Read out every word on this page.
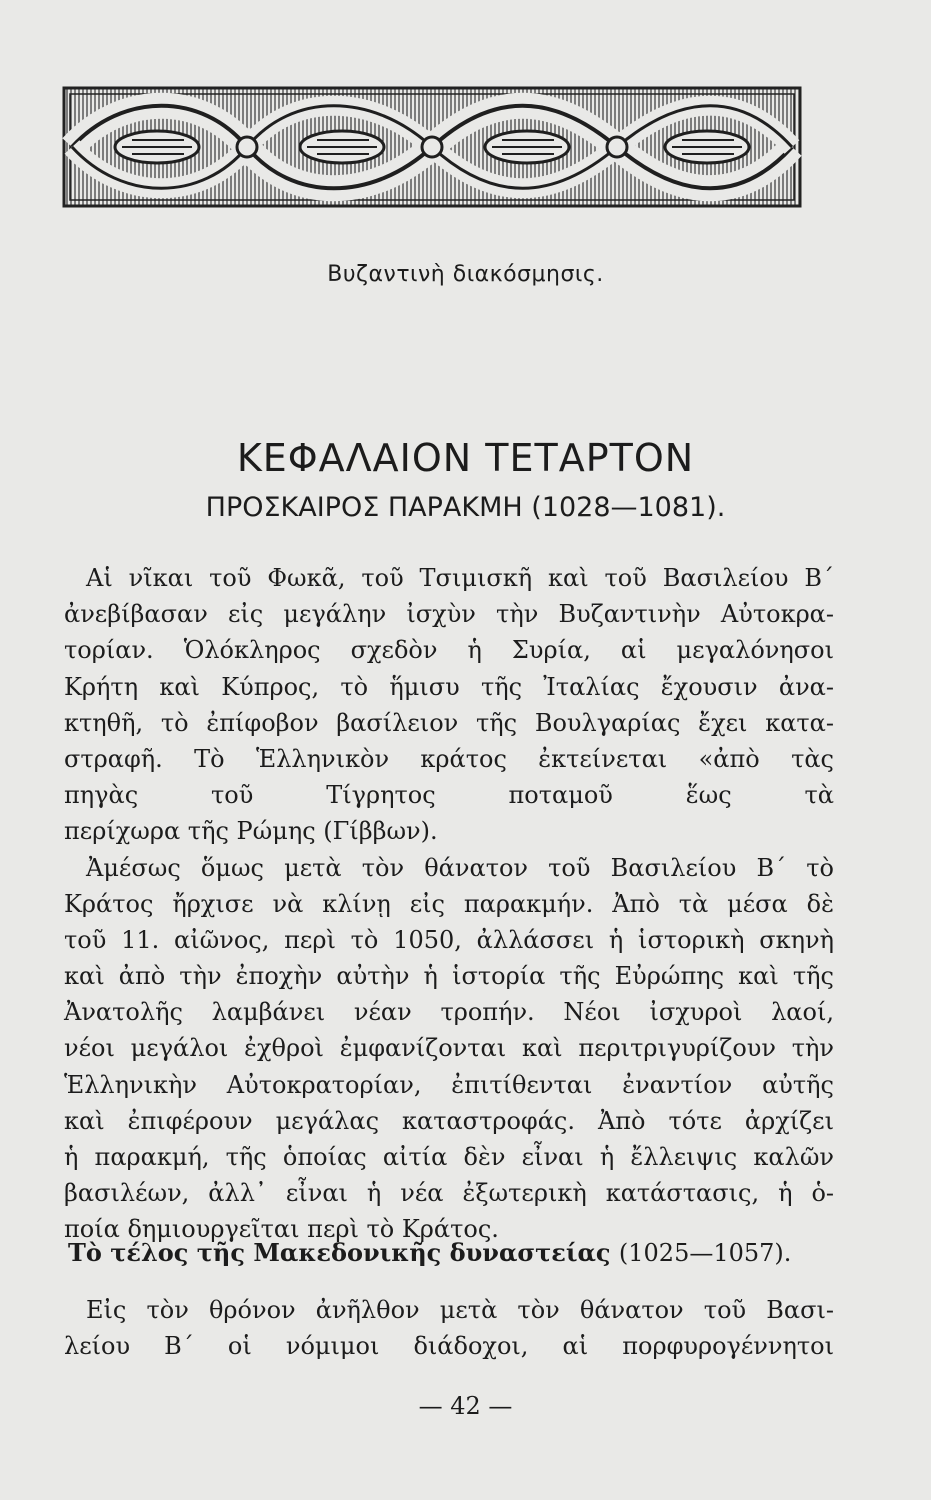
Βυζαντινὴ διακόσμησις.
ΚΕΦΑΛΑΙΟΝ ΤΕΤΑΡΤΟΝ
ΠΡΟΣΚΑΙΡΟΣ ΠΑΡΑΚΜΗ (1028—1081).
Αἱ νῖκαι τοῦ Φωκᾶ, τοῦ Τσιμισκῆ καὶ τοῦ Βασιλείου Β΄
ἀνεβίβασαν εἰς μεγάλην ἰσχὺν τὴν Βυζαντινὴν Αὐτοκρα-
τορίαν. Ὁλόκληρος σχεδὸν ἡ Συρία, αἱ μεγαλόνησοι
Κρήτη καὶ Κύπρος, τὸ ἥμισυ τῆς Ἰταλίας ἔχουσιν ἀνα-
κτηθῆ, τὸ ἐπίφοβον βασίλειον τῆς Βουλγαρίας ἔχει κατα-
στραφῆ. Τὸ Ἑλληνικὸν κράτος ἐκτείνεται «ἀπὸ τὰς
πηγὰς τοῦ Τίγρητος ποταμοῦ ἕως τὰ
περίχωρα τῆς Ρώμης (Γίββων).
Ἀμέσως ὅμως μετὰ τὸν θάνατον τοῦ Βασιλείου Β΄ τὸ
Κράτος ἤρχισε νὰ κλίνῃ εἰς παρακμήν. Ἀπὸ τὰ μέσα δὲ
τοῦ 11. αἰῶνος, περὶ τὸ 1050, ἀλλάσσει ἡ ἱστορικὴ σκηνὴ
καὶ ἀπὸ τὴν ἐποχὴν αὐτὴν ἡ ἱστορία τῆς Εὐρώπης καὶ τῆς
Ἀνατολῆς λαμβάνει νέαν τροπήν. Νέοι ἰσχυροὶ λαοί,
νέοι μεγάλοι ἐχθροὶ ἐμφανίζονται καὶ περιτριγυρίζουν τὴν
Ἑλληνικὴν Αὐτοκρατορίαν, ἐπιτίθενται ἐναντίον αὐτῆς
καὶ ἐπιφέρουν μεγάλας καταστροφάς. Ἀπὸ τότε ἀρχίζει
ἡ παρακμή, τῆς ὁποίας αἰτία δὲν εἶναι ἡ ἔλλειψις καλῶν
βασιλέων, ἀλλ᾽ εἶναι ἡ νέα ἐξωτερικὴ κατάστασις, ἡ ὁ-
ποία δημιουργεῖται περὶ τὸ Κράτος.
Τὸ τέλος τῆς Μακεδονικῆς δυναστείας (1025—1057).
Εἰς τὸν θρόνον ἀνῆλθον μετὰ τὸν θάνατον τοῦ Βασι-
λείου Β΄ οἱ νόμιμοι διάδοχοι, αἱ πορφυρογέννητοι
— 42 —
